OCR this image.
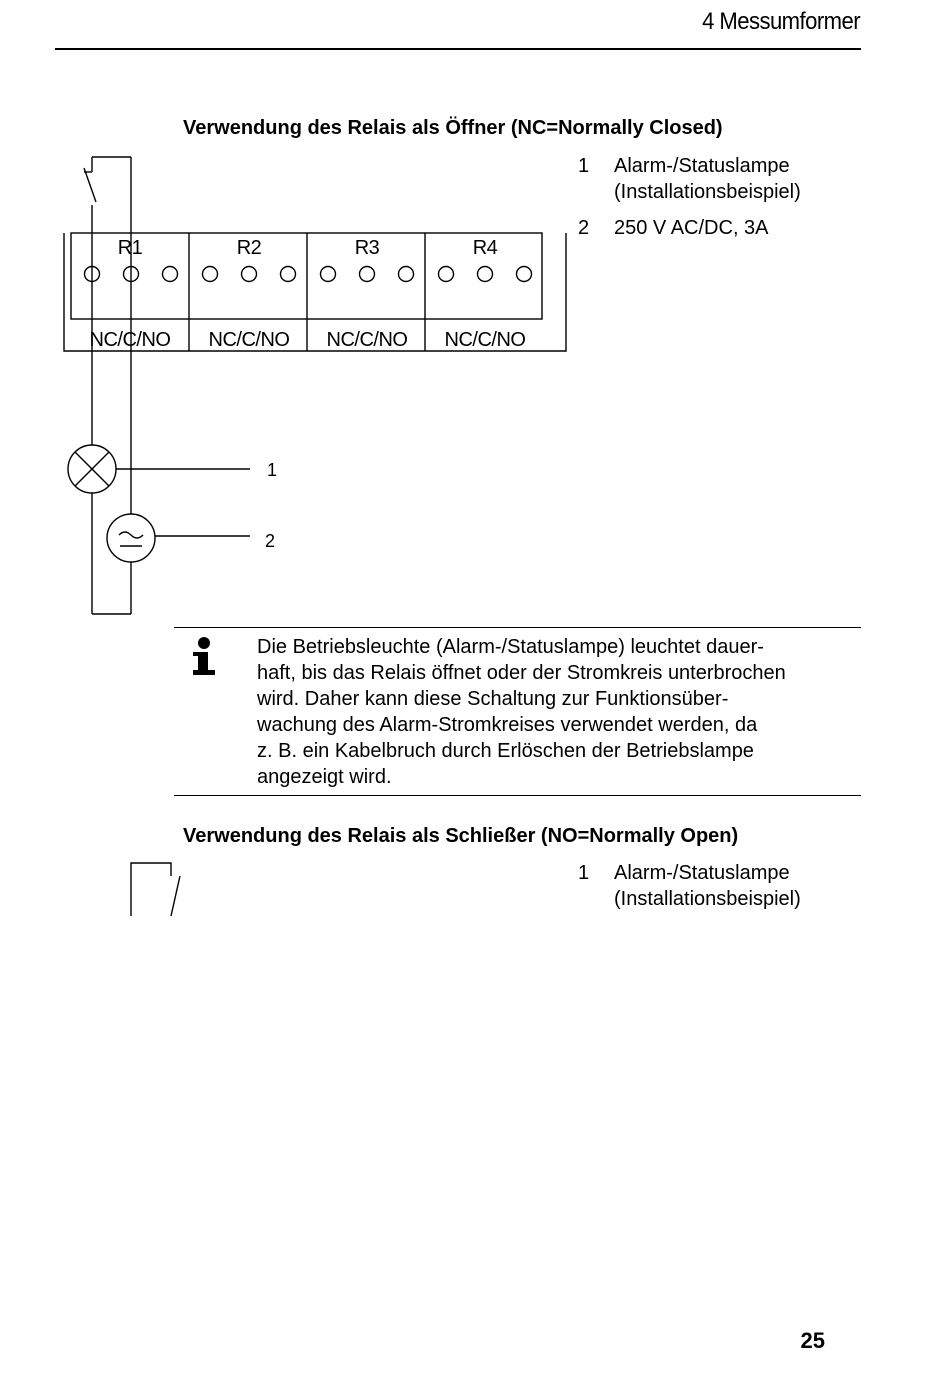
4 Messumformer
Verwendung des Relais als Öffner (NC=Normally Closed)
1	Alarm-/Statuslampe
(Installationsbeispiel)
2	250 V AC/DC, 3A
R1	R2	R3	R4
NC/C/NO NC/C/NO NC/C/NO NC/C/NO
1
2
Die Betriebsleuchte (Alarm-/Statuslampe) leuchtet dauer-
haft, bis das Relais öffnet oder der Stromkreis unterbrochen
wird. Daher kann diese Schaltung zur Funktionsüber-
wachung des Alarm-Stromkreises verwendet werden, da
z. B. ein Kabelbruch durch Erlöschen der Betriebslampe
angezeigt wird.
Verwendung des Relais als Schließer (NO=Normally Open)
1	Alarm-/Statuslampe
(Installationsbeispiel)
25
